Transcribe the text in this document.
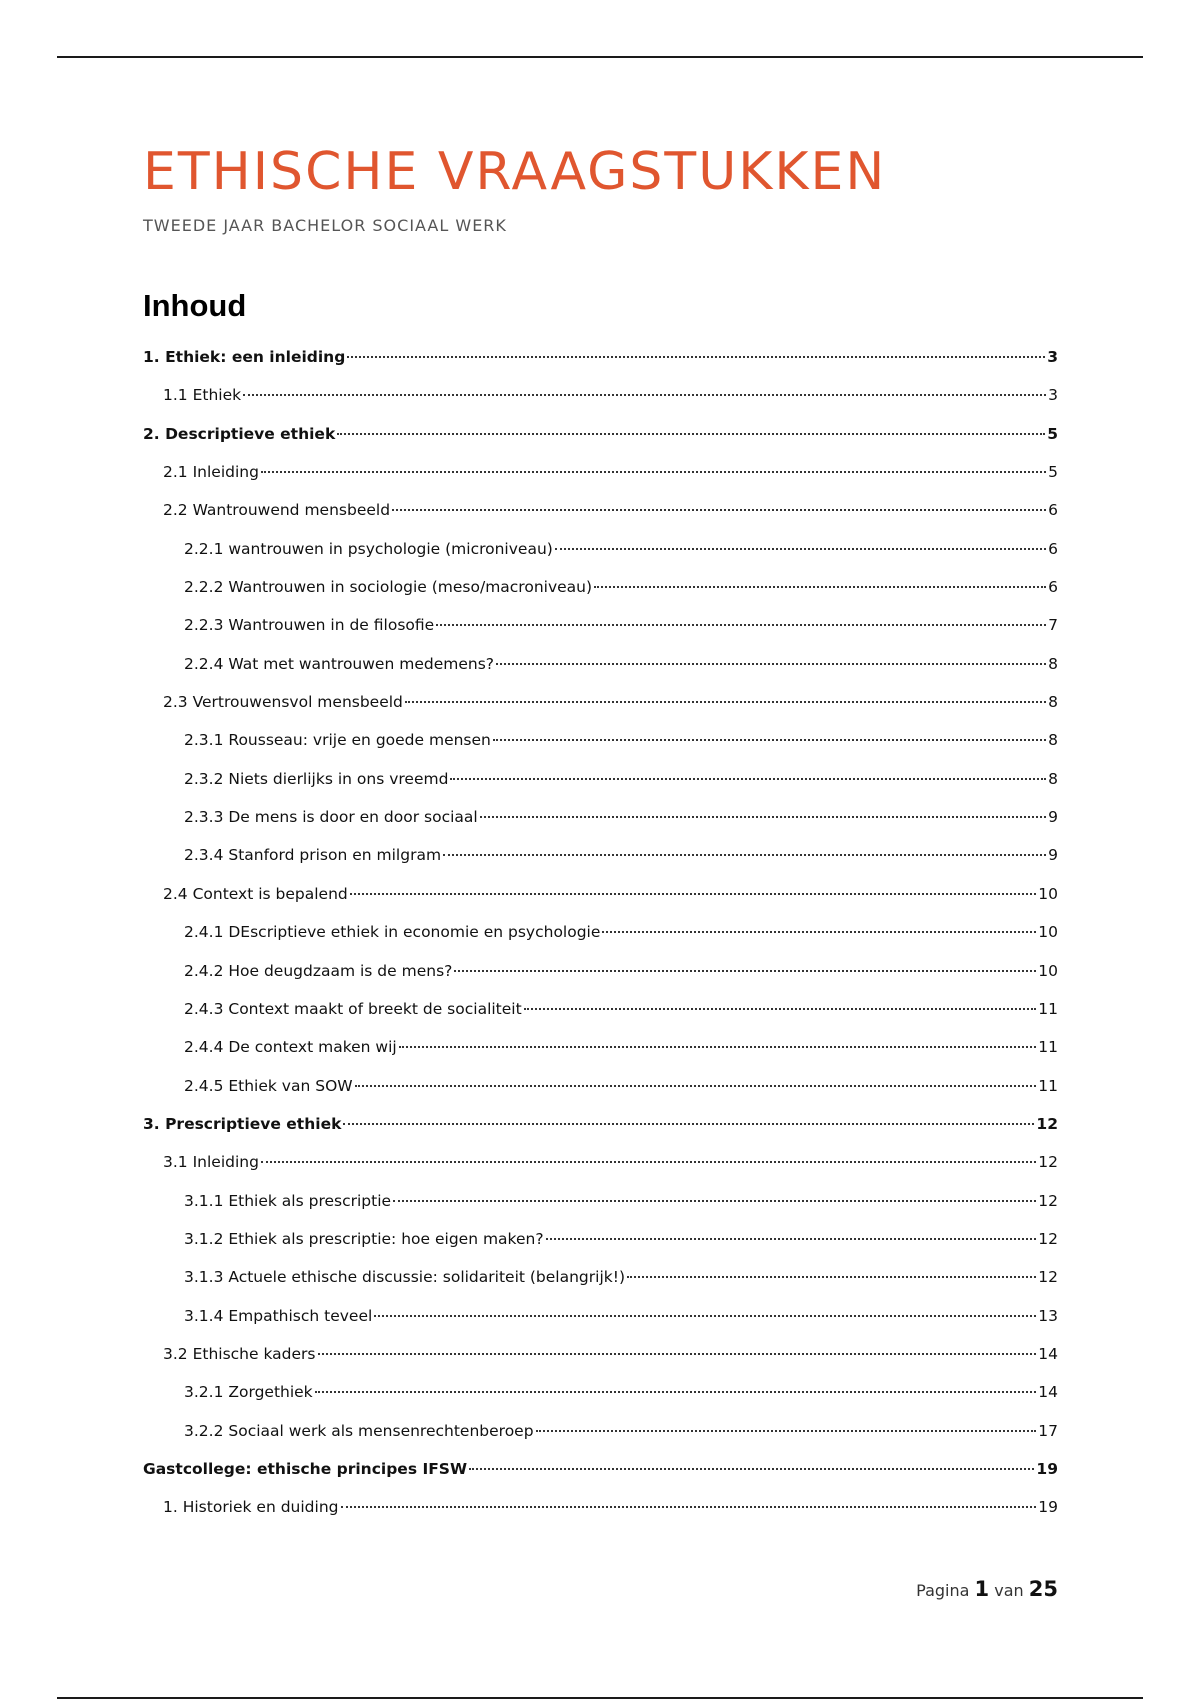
ETHISCHE VRAAGSTUKKEN
TWEEDE JAAR BACHELOR SOCIAAL WERK
Inhoud
1. Ethiek: een inleiding	3
1.1 Ethiek	3
2. Descriptieve ethiek	5
2.1 Inleiding	5
2.2 Wantrouwend mensbeeld	6
2.2.1 wantrouwen in psychologie (microniveau)	6
2.2.2 Wantrouwen in sociologie (meso/macroniveau)	6
2.2.3 Wantrouwen in de filosofie	7
2.2.4 Wat met wantrouwen medemens?	8
2.3 Vertrouwensvol mensbeeld	8
2.3.1 Rousseau: vrije en goede mensen	8
2.3.2 Niets dierlijks in ons vreemd	8
2.3.3 De mens is door en door sociaal	9
2.3.4 Stanford prison en milgram	9
2.4 Context is bepalend	10
2.4.1 DEscriptieve ethiek in economie en psychologie	10
2.4.2 Hoe deugdzaam is de mens?	10
2.4.3 Context maakt of breekt de socialiteit	11
2.4.4 De context maken wij	11
2.4.5 Ethiek van SOW	11
3. Prescriptieve ethiek	12
3.1 Inleiding	12
3.1.1 Ethiek als prescriptie	12
3.1.2 Ethiek als prescriptie: hoe eigen maken?	12
3.1.3 Actuele ethische discussie: solidariteit (belangrijk!)	12
3.1.4 Empathisch teveel	13
3.2 Ethische kaders	14
3.2.1 Zorgethiek	14
3.2.2 Sociaal werk als mensenrechtenberoep	17
Gastcollege: ethische principes IFSW	19
1. Historiek en duiding	19
Pagina 1 van 25
